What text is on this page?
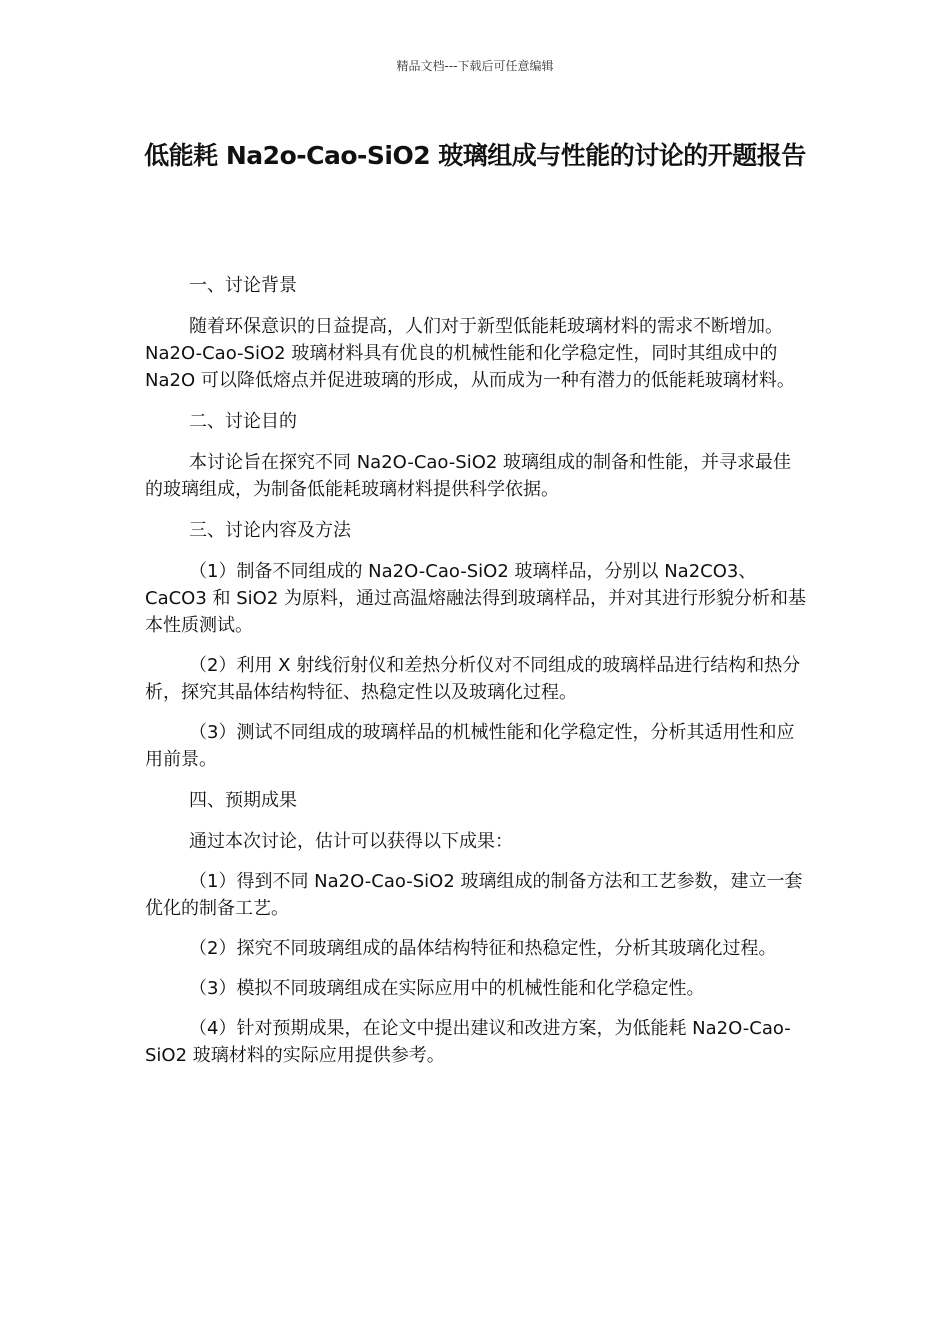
精品文档---下载后可任意编辑
低能耗 Na2o-Cao-SiO2 玻璃组成与性能的讨论的开题报告

一、讨论背景

随着环保意识的日益提高，人们对于新型低能耗玻璃材料的需求不断增加。Na2O-Cao-SiO2 玻璃材料具有优良的机械性能和化学稳定性，同时其组成中的 Na2O 可以降低熔点并促进玻璃的形成，从而成为一种有潜力的低能耗玻璃材料。

二、讨论目的

本讨论旨在探究不同 Na2O-Cao-SiO2 玻璃组成的制备和性能，并寻求最佳的玻璃组成，为制备低能耗玻璃材料提供科学依据。

三、讨论内容及方法

（1）制备不同组成的 Na2O-Cao-SiO2 玻璃样品，分别以 Na2CO3、CaCO3 和 SiO2 为原料，通过高温熔融法得到玻璃样品，并对其进行形貌分析和基本性质测试。

（2）利用 X 射线衍射仪和差热分析仪对不同组成的玻璃样品进行结构和热分析，探究其晶体结构特征、热稳定性以及玻璃化过程。

（3）测试不同组成的玻璃样品的机械性能和化学稳定性，分析其适用性和应用前景。

四、预期成果

通过本次讨论，估计可以获得以下成果：

（1）得到不同 Na2O-Cao-SiO2 玻璃组成的制备方法和工艺参数，建立一套优化的制备工艺。

（2）探究不同玻璃组成的晶体结构特征和热稳定性，分析其玻璃化过程。

（3）模拟不同玻璃组成在实际应用中的机械性能和化学稳定性。

（4）针对预期成果，在论文中提出建议和改进方案，为低能耗 Na2O-Cao-SiO2 玻璃材料的实际应用提供参考。
